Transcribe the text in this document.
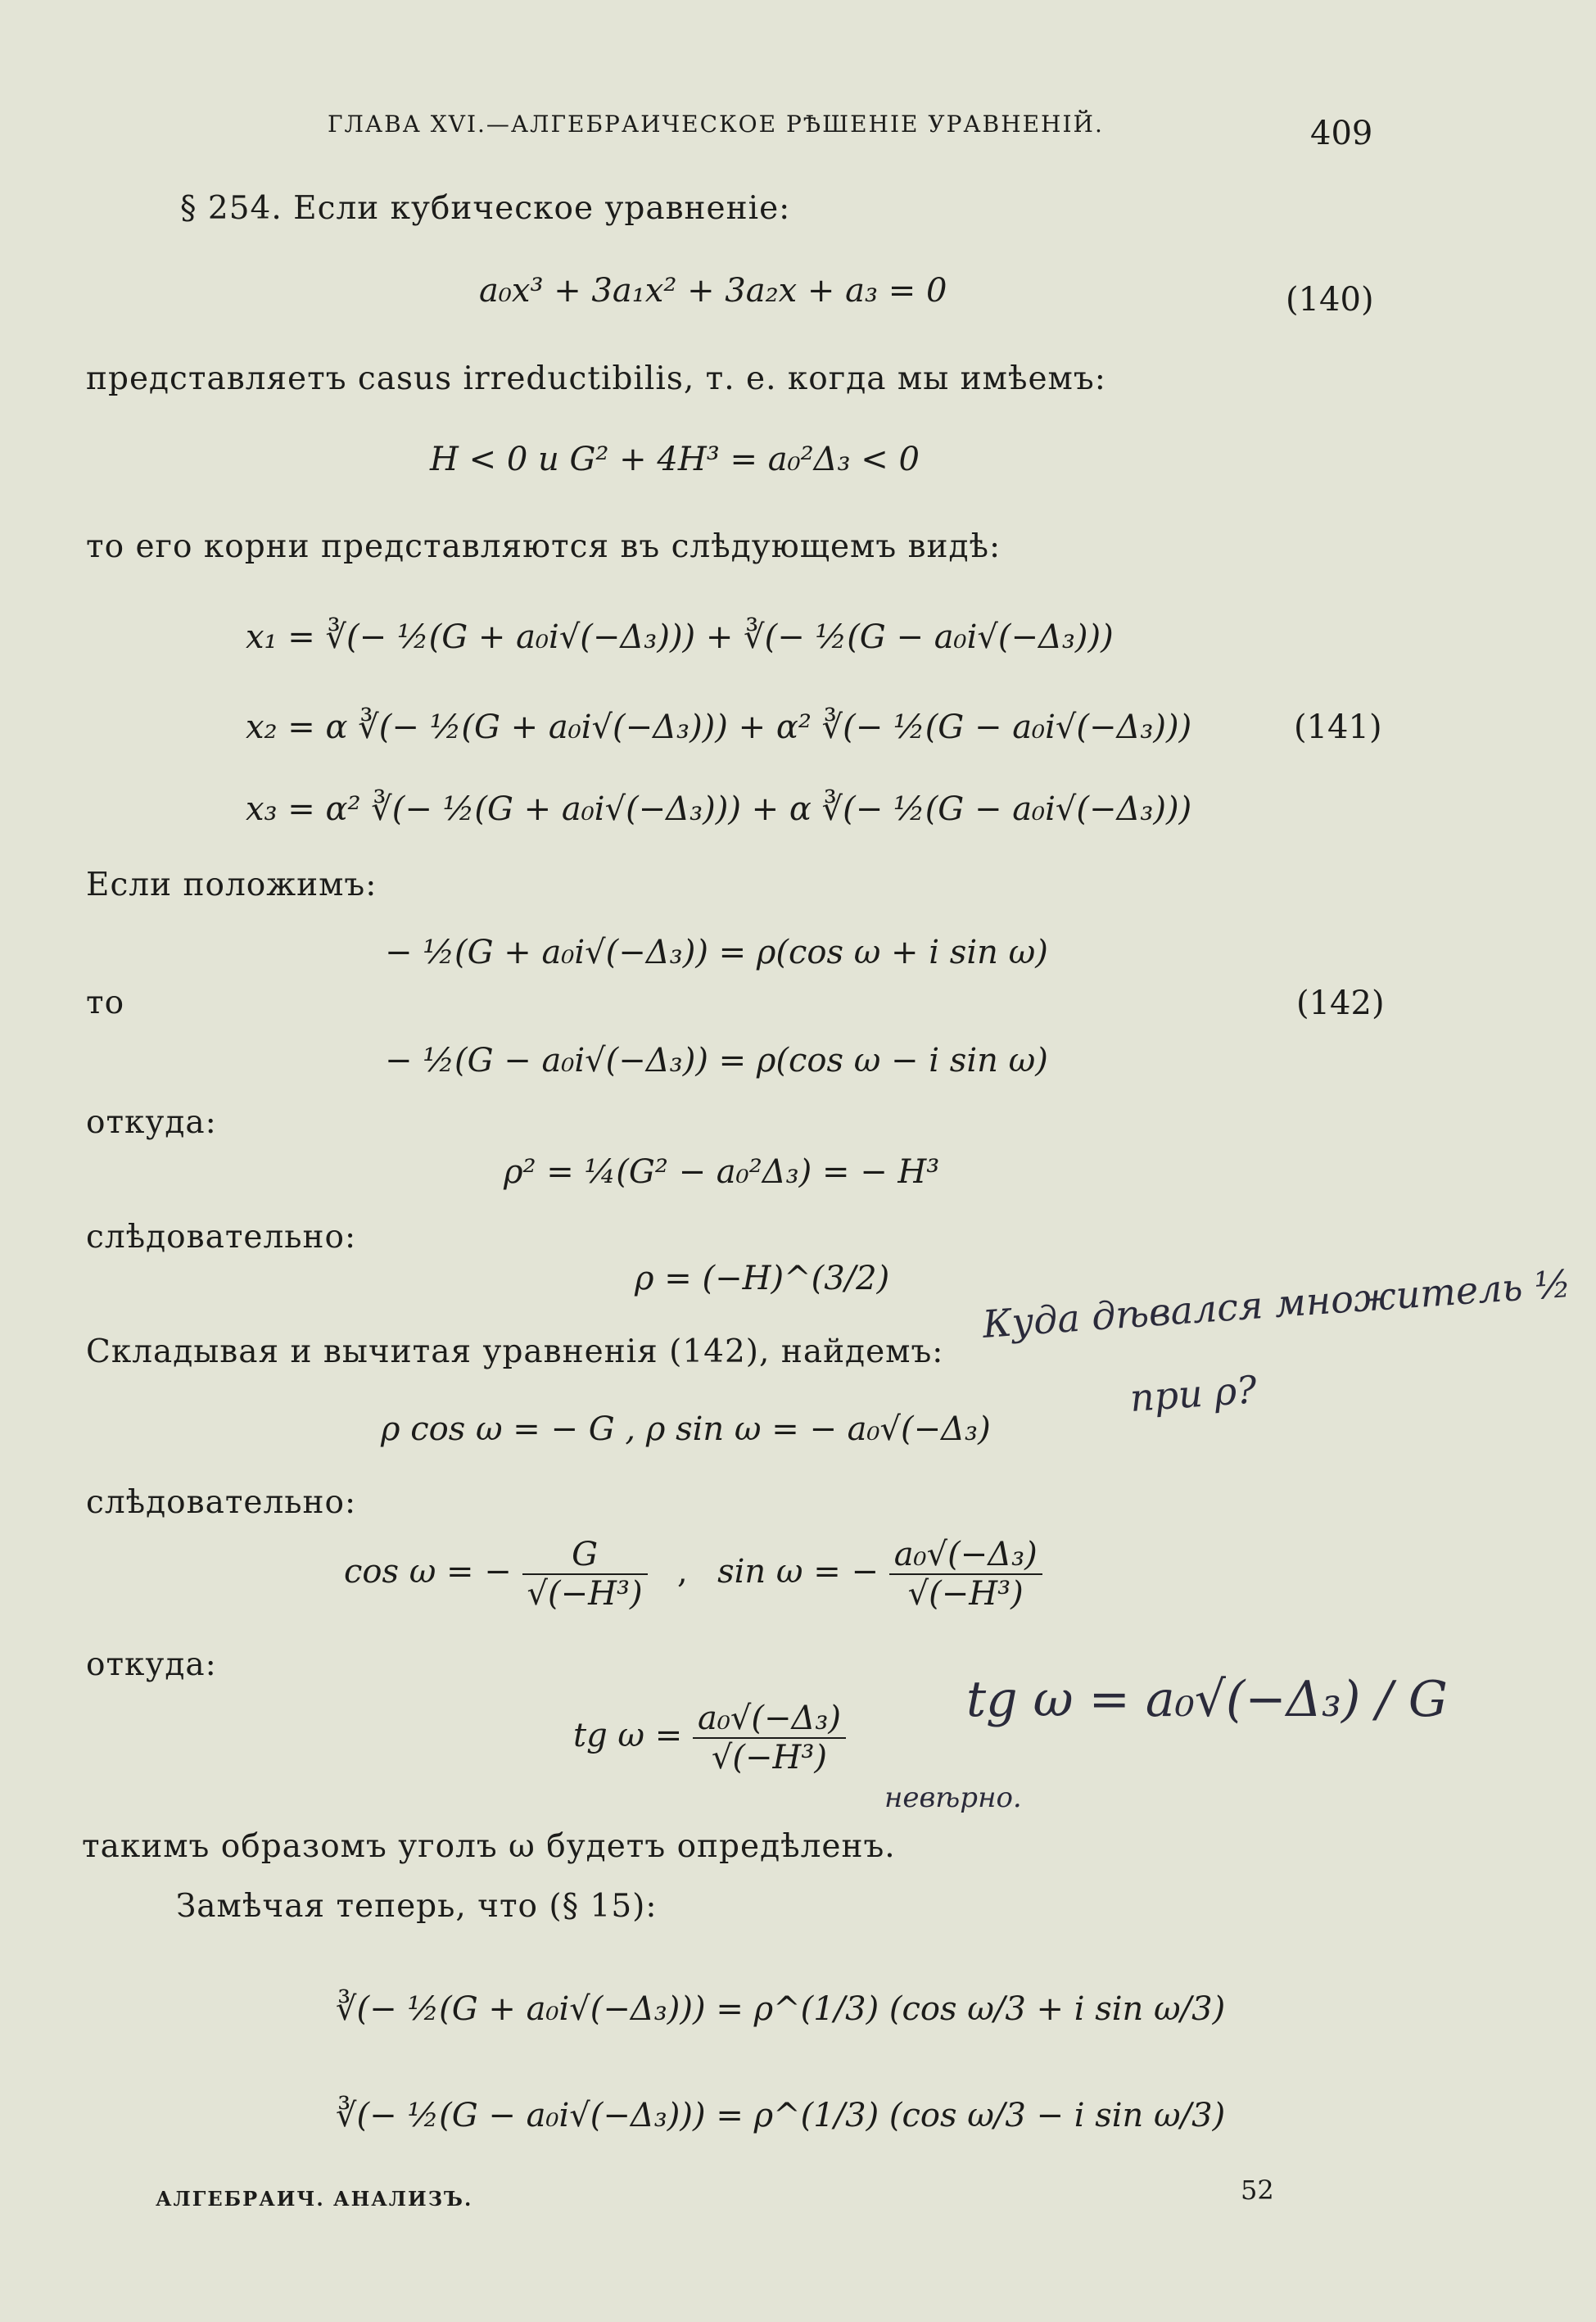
ГЛАВА XVI.—АЛГЕБРАИЧЕСКОЕ РѢШЕНІЕ УРАВНЕНІЙ.	409
§ 254. Если кубическое уравненіе:
a₀x³ + 3a₁x² + 3a₂x + a₃ = 0	(140)
представляетъ casus irreductibilis, т. е. когда мы имѣемъ:
H < 0 и G² + 4H³ = a₀²Δ₃ < 0
то его корни представляются въ слѣдующемъ видѣ:
x₁ = ∛(− ½(G + a₀i√(−Δ₃))) + ∛(− ½(G − a₀i√(−Δ₃)))
x₂ = α ∛(− ½(G + a₀i√(−Δ₃))) + α² ∛(− ½(G − a₀i√(−Δ₃)))
x₃ = α² ∛(− ½(G + a₀i√(−Δ₃))) + α ∛(− ½(G − a₀i√(−Δ₃)))
(141)
Если положимъ:
− ½(G + a₀i√(−Δ₃)) = ρ(cos ω + i sin ω)
то	(142)
− ½(G − a₀i√(−Δ₃)) = ρ(cos ω − i sin ω)
откуда:
ρ² = ¼(G² − a₀²Δ₃) = − H³
слѣдовательно:
ρ = (−H)^(3/2)
Складывая и вычитая уравненія (142), найдемъ:
ρ cos ω = − G , ρ sin ω = − a₀√(−Δ₃)
Куда дѣвался множитель ½
при ρ?
слѣдовательно:
cos ω = − $\frac{G}{\text{√(−H³)}}$ , sin ω = − $\frac{\text{a₀√(−Δ₃)}}{\text{√(−H³)}}$
откуда:
tg $\omega = \frac{\text{a₀√(−Δ₃)}}{\text{√(−H³)}}$ tg ω = a₀√(−Δ₃) / G
невѣрно.
такимъ образомъ уголъ ω будетъ опредѣленъ.
Замѣчая теперь, что (§ 15):
∛(− ½(G + a₀i√(−Δ₃))) = ρ^(1/3) (cos ω/3 + i sin ω/3)
∛(− ½(G − a₀i√(−Δ₃))) = ρ^(1/3) (cos ω/3 − i sin ω/3)
АЛГЕБРАИЧ. АНАЛИЗЪ.	52
